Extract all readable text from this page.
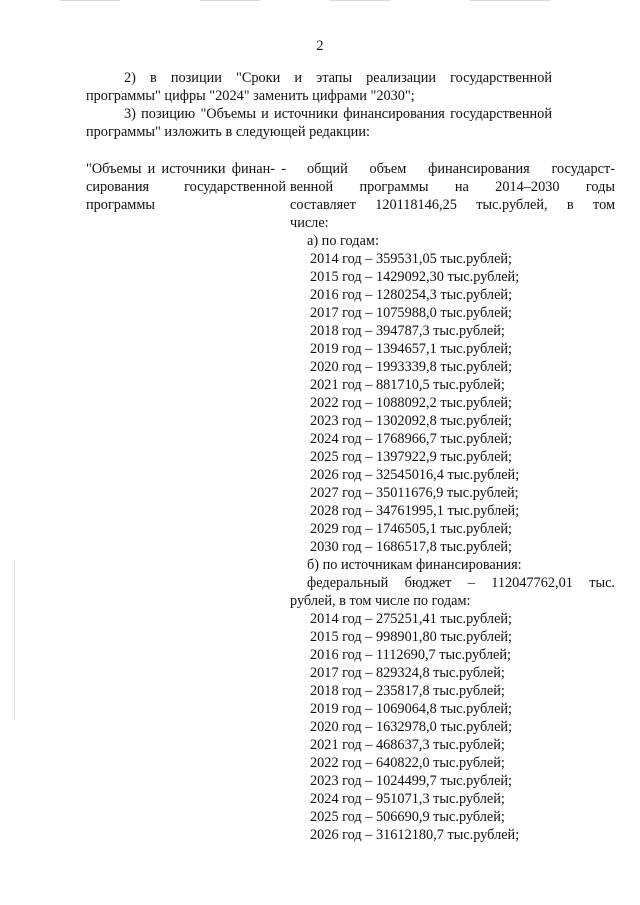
2
2) в позиции "Сроки и этапы реализации государственной
программы" цифры "2024" заменить цифрами "2030";
3) позицию "Объемы и источники финансирования государственной
программы" изложить в следующей редакции:
"Объемы и источники финан- -
сирования государственной
программы
общий объем финансирования государст-
венной программы на 2014–2030 годы
составляет 120118146,25 тыс.рублей, в том
числе:
а) по годам:
2014 год – 359531,05 тыс.рублей;
2015 год – 1429092,30 тыс.рублей;
2016 год – 1280254,3 тыс.рублей;
2017 год – 1075988,0 тыс.рублей;
2018 год – 394787,3 тыс.рублей;
2019 год – 1394657,1 тыс.рублей;
2020 год – 1993339,8 тыс.рублей;
2021 год – 881710,5 тыс.рублей;
2022 год – 1088092,2 тыс.рублей;
2023 год – 1302092,8 тыс.рублей;
2024 год – 1768966,7 тыс.рублей;
2025 год – 1397922,9 тыс.рублей;
2026 год – 32545016,4 тыс.рублей;
2027 год – 35011676,9 тыс.рублей;
2028 год – 34761995,1 тыс.рублей;
2029 год – 1746505,1 тыс.рублей;
2030 год – 1686517,8 тыс.рублей;
б) по источникам финансирования:
федеральный бюджет – 112047762,01 тыс.
рублей, в том числе по годам:
2014 год – 275251,41 тыс.рублей;
2015 год – 998901,80 тыс.рублей;
2016 год – 1112690,7 тыс.рублей;
2017 год – 829324,8 тыс.рублей;
2018 год – 235817,8 тыс.рублей;
2019 год – 1069064,8 тыс.рублей;
2020 год – 1632978,0 тыс.рублей;
2021 год – 468637,3 тыс.рублей;
2022 год – 640822,0 тыс.рублей;
2023 год – 1024499,7 тыс.рублей;
2024 год – 951071,3 тыс.рублей;
2025 год – 506690,9 тыс.рублей;
2026 год – 31612180,7 тыс.рублей;
